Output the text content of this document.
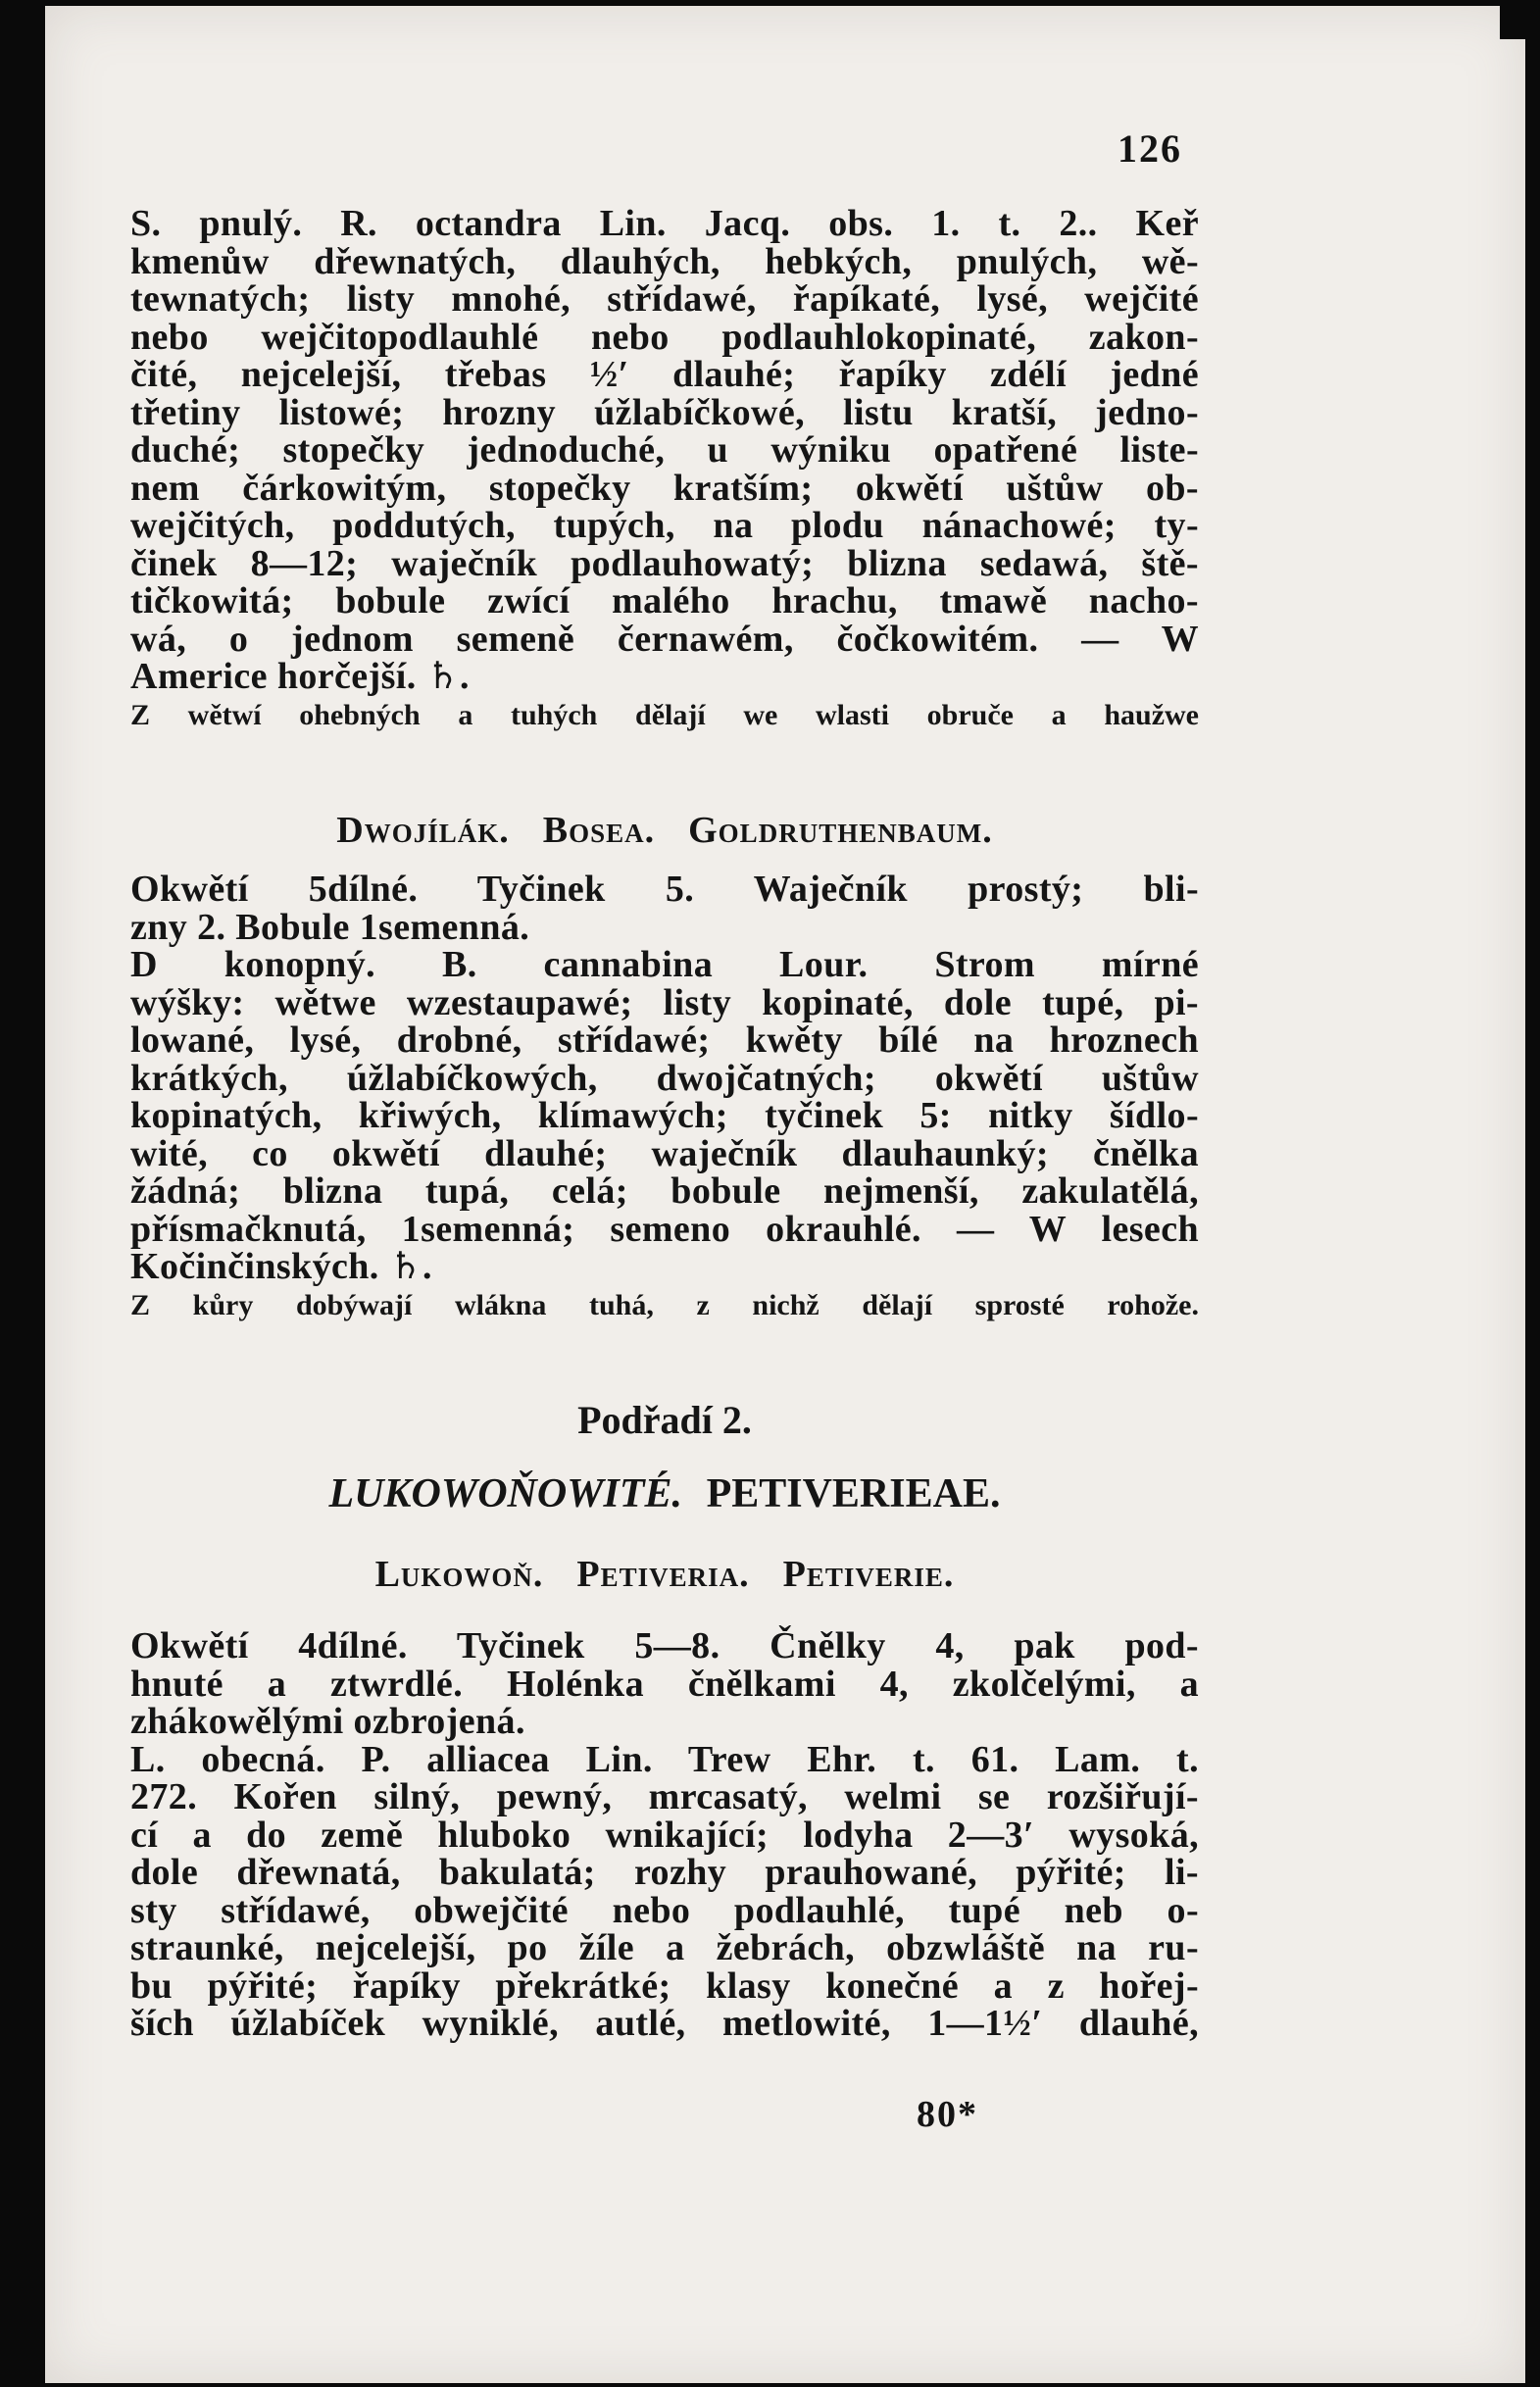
126
S. pnulý. R. octandra Lin. Jacq. obs. 1. t. 2.. Keř
kmenůw dřewnatých, dlauhých, hebkých, pnulých, wě-
tewnatých; listy mnohé, střídawé, řapíkaté, lysé, wejčité
nebo wejčitopodlauhlé nebo podlauhlokopinaté, zakon-
čité, nejcelejší, třebas ½′ dlauhé; řapíky zdélí jedné
třetiny listowé; hrozny úžlabíčkowé, listu kratší, jedno-
duché; stopečky jednoduché, u wýniku opatřené liste-
nem čárkowitým, stopečky kratším; okwětí uštůw ob-
wejčitých, poddutých, tupých, na plodu nánachowé; ty-
činek 8—12; waječník podlauhowatý; blizna sedawá, ště-
tičkowitá; bobule zwící malého hrachu, tmawě nacho-
wá, o jednom semeně černawém, čočkowitém. — W
Americe horčejší. ♄.
Z wětwí ohebných a tuhých dělají we wlasti obruče a haužwe
Dwojílák. Bosea. Goldruthenbaum.
Okwětí 5dílné. Tyčinek 5. Waječník prostý; bli-
zny 2. Bobule 1semenná.
D konopný. B. cannabina Lour. Strom mírné
wýšky: wětwe wzestaupawé; listy kopinaté, dole tupé, pi-
lowané, lysé, drobné, střídawé; kwěty bílé na hroznech
krátkých, úžlabíčkowých, dwojčatných; okwětí uštůw
kopinatých, křiwých, klímawých; tyčinek 5: nitky šídlo-
wité, co okwětí dlauhé; waječník dlauhaunký; čnělka
žádná; blizna tupá, celá; bobule nejmenší, zakulatělá,
přísmačknutá, 1semenná; semeno okrauhlé. — W lesech
Kočinčinských. ♄.
Z kůry dobýwají wlákna tuhá, z nichž dělají sprosté rohože.
Podřadí 2.
LUKOWOŇOWITÉ. PETIVERIEAE.
Lukowoň. Petiveria. Petiverie.
Okwětí 4dílné. Tyčinek 5—8. Čnělky 4, pak pod-
hnuté a ztwrdlé. Holénka čnělkami 4, zkolčelými, a
zhákowělými ozbrojená.
L. obecná. P. alliacea Lin. Trew Ehr. t. 61. Lam. t.
272. Kořen silný, pewný, mrcasatý, welmi se rozšiřují-
cí a do země hluboko wnikající; lodyha 2—3′ wysoká,
dole dřewnatá, bakulatá; rozhy prauhowané, pýřité; li-
sty střídawé, obwejčité nebo podlauhlé, tupé neb o-
straunké, nejcelejší, po žíle a žebrách, obzwláště na ru-
bu pýřité; řapíky překrátké; klasy konečné a z hořej-
ších úžlabíček wyniklé, autlé, metlowité, 1—1½′ dlauhé,
80*
